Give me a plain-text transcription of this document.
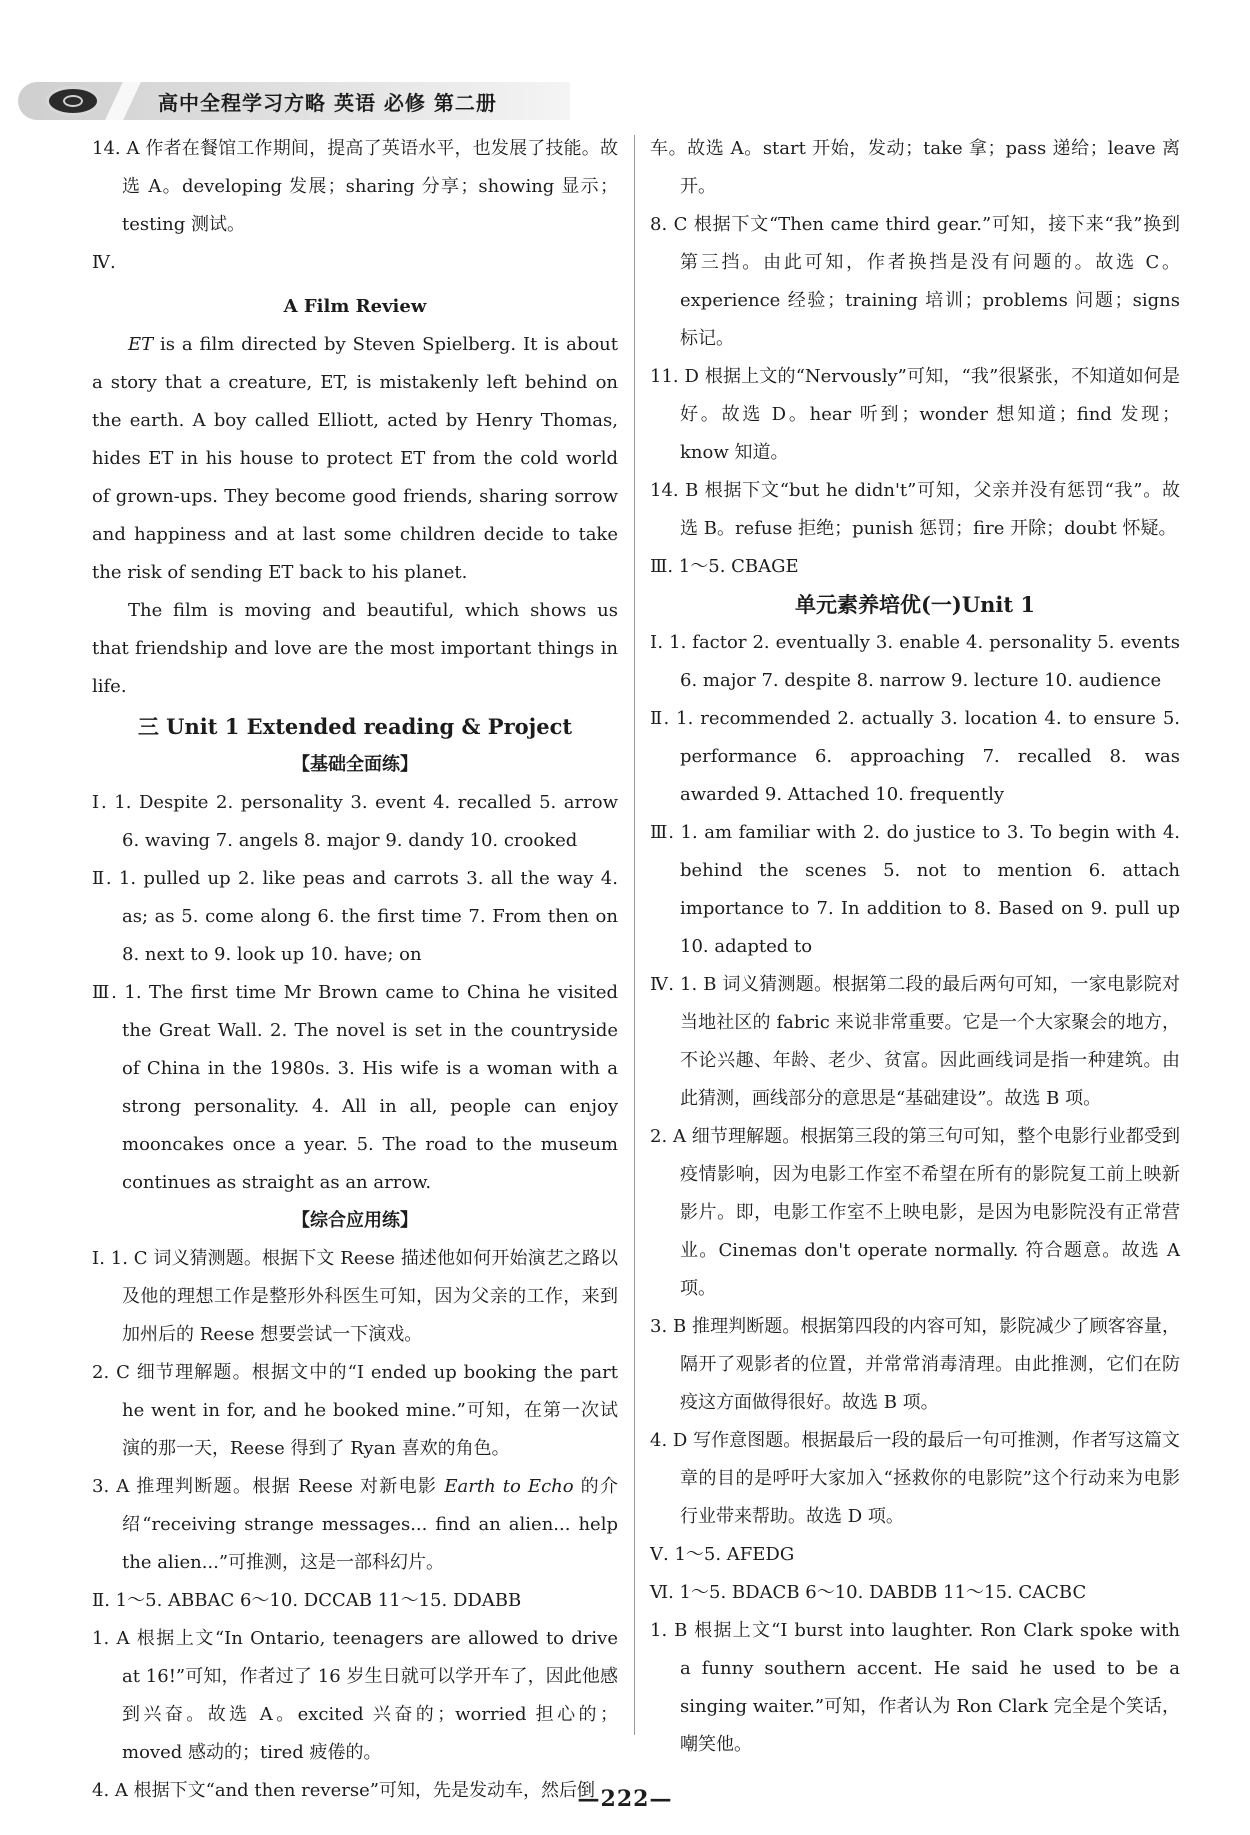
高中全程学习方略 英语 必修 第二册

14. A 作者在餐馆工作期间，提高了英语水平，也发展了技能。故选 A。developing 发展；sharing 分享；showing 显示；testing 测试。

Ⅳ.

A Film Review

ET is a film directed by Steven Spielberg. It is about a story that a creature, ET, is mistakenly left behind on the earth. A boy called Elliott, acted by Henry Thomas, hides ET in his house to protect ET from the cold world of grown-ups. They become good friends, sharing sorrow and happiness and at last some children decide to take the risk of sending ET back to his planet.

The film is moving and beautiful, which shows us that friendship and love are the most important things in life.

三 Unit 1 Extended reading & Project

【基础全面练】

Ⅰ. 1. Despite 2. personality 3. event 4. recalled 5. arrow 6. waving 7. angels 8. major 9. dandy 10. crooked

Ⅱ. 1. pulled up 2. like peas and carrots 3. all the way 4. as; as 5. come along 6. the first time 7. From then on 8. next to 9. look up 10. have; on

Ⅲ. 1. The first time Mr Brown came to China he visited the Great Wall. 2. The novel is set in the countryside of China in the 1980s. 3. His wife is a woman with a strong personality. 4. All in all, people can enjoy mooncakes once a year. 5. The road to the museum continues as straight as an arrow.

【综合应用练】

Ⅰ. 1. C 词义猜测题。根据下文 Reese 描述他如何开始演艺之路以及他的理想工作是整形外科医生可知，因为父亲的工作，来到加州后的 Reese 想要尝试一下演戏。

2. C 细节理解题。根据文中的“I ended up booking the part he went in for, and he booked mine.”可知，在第一次试演的那一天，Reese 得到了 Ryan 喜欢的角色。

3. A 推理判断题。根据 Reese 对新电影 Earth to Echo 的介绍“receiving strange messages... find an alien... help the alien...”可推测，这是一部科幻片。

Ⅱ. 1～5. ABBAC 6～10. DCCAB 11～15. DDABB

1. A 根据上文“In Ontario, teenagers are allowed to drive at 16!”可知，作者过了 16 岁生日就可以学开车了，因此他感到兴奋。故选 A。excited 兴奋的；worried 担心的；moved 感动的；tired 疲倦的。

4. A 根据下文“and then reverse”可知，先是发动车，然后倒

车。故选 A。start 开始，发动；take 拿；pass 递给；leave 离开。

8. C 根据下文“Then came third gear.”可知，接下来“我”换到第三挡。由此可知，作者换挡是没有问题的。故选 C。experience 经验；training 培训；problems 问题；signs 标记。

11. D 根据上文的“Nervously”可知，“我”很紧张，不知道如何是好。故选 D。hear 听到；wonder 想知道；find 发现；know 知道。

14. B 根据下文“but he didn't”可知，父亲并没有惩罚“我”。故选 B。refuse 拒绝；punish 惩罚；fire 开除；doubt 怀疑。

Ⅲ. 1～5. CBAGE

单元素养培优(一)Unit 1

Ⅰ. 1. factor 2. eventually 3. enable 4. personality 5. events 6. major 7. despite 8. narrow 9. lecture 10. audience

Ⅱ. 1. recommended 2. actually 3. location 4. to ensure 5. performance 6. approaching 7. recalled 8. was awarded 9. Attached 10. frequently

Ⅲ. 1. am familiar with 2. do justice to 3. To begin with 4. behind the scenes 5. not to mention 6. attach importance to 7. In addition to 8. Based on 9. pull up 10. adapted to

Ⅳ. 1. B 词义猜测题。根据第二段的最后两句可知，一家电影院对当地社区的 fabric 来说非常重要。它是一个大家聚会的地方，不论兴趣、年龄、老少、贫富。因此画线词是指一种建筑。由此猜测，画线部分的意思是“基础建设”。故选 B 项。

2. A 细节理解题。根据第三段的第三句可知，整个电影行业都受到疫情影响，因为电影工作室不希望在所有的影院复工前上映新影片。即，电影工作室不上映电影，是因为电影院没有正常营业。Cinemas don't operate normally. 符合题意。故选 A 项。

3. B 推理判断题。根据第四段的内容可知，影院减少了顾客容量，隔开了观影者的位置，并常常消毒清理。由此推测，它们在防疫这方面做得很好。故选 B 项。

4. D 写作意图题。根据最后一段的最后一句可推测，作者写这篇文章的目的是呼吁大家加入“拯救你的电影院”这个行动来为电影行业带来帮助。故选 D 项。

Ⅴ. 1～5. AFEDG

Ⅵ. 1～5. BDACB 6～10. DABDB 11～15. CACBC

1. B 根据上文“I burst into laughter. Ron Clark spoke with a funny southern accent. He said he used to be a singing waiter.”可知，作者认为 Ron Clark 完全是个笑话，嘲笑他。

—222—
